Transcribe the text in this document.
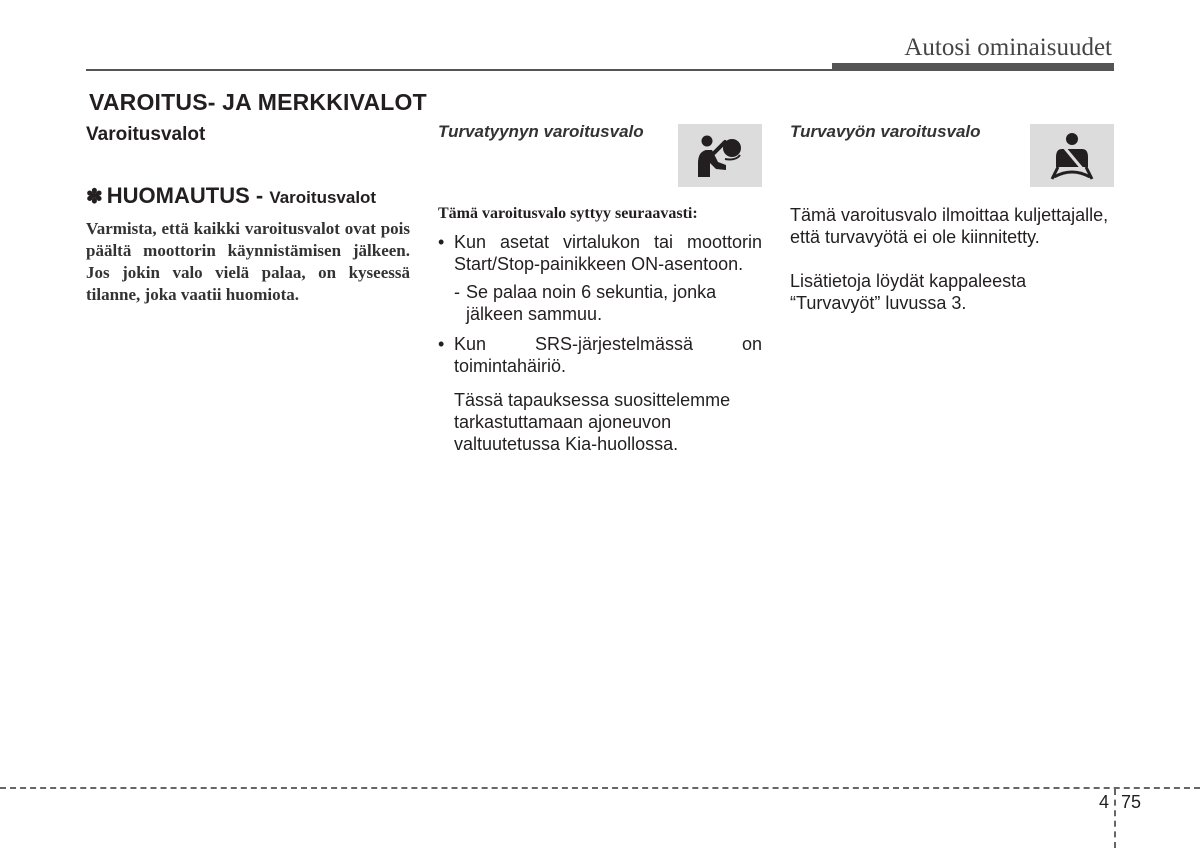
Autosi ominaisuudet
VAROITUS- JA MERKKIVALOT
Varoitusvalot
✽ HUOMAUTUS - Varoitusvalot
Varmista, että kaikki varoitusvalot ovat pois päältä moottorin käynnistämisen jälkeen. Jos jokin valo vielä palaa, on kyseessä tilanne, joka vaatii huomiota.
Turvatyynyn varoitusvalo
Tämä varoitusvalo syttyy seuraavasti:
• Kun asetat virtalukon tai moottorin Start/Stop-painikkeen ON-asentoon.
- Se palaa noin 6 sekuntia, jonka jälkeen sammuu.
• Kun SRS-järjestelmässä on toimintahäiriö.
Tässä tapauksessa suosittelemme tarkastuttamaan ajoneuvon valtuutetussa Kia-huollossa.
Turvavyön varoitusvalo
Tämä varoitusvalo ilmoittaa kuljettajalle, että turvavyötä ei ole kiinnitetty.
Lisätietoja löydät kappaleesta “Turvavyöt” luvussa 3.
4 75
